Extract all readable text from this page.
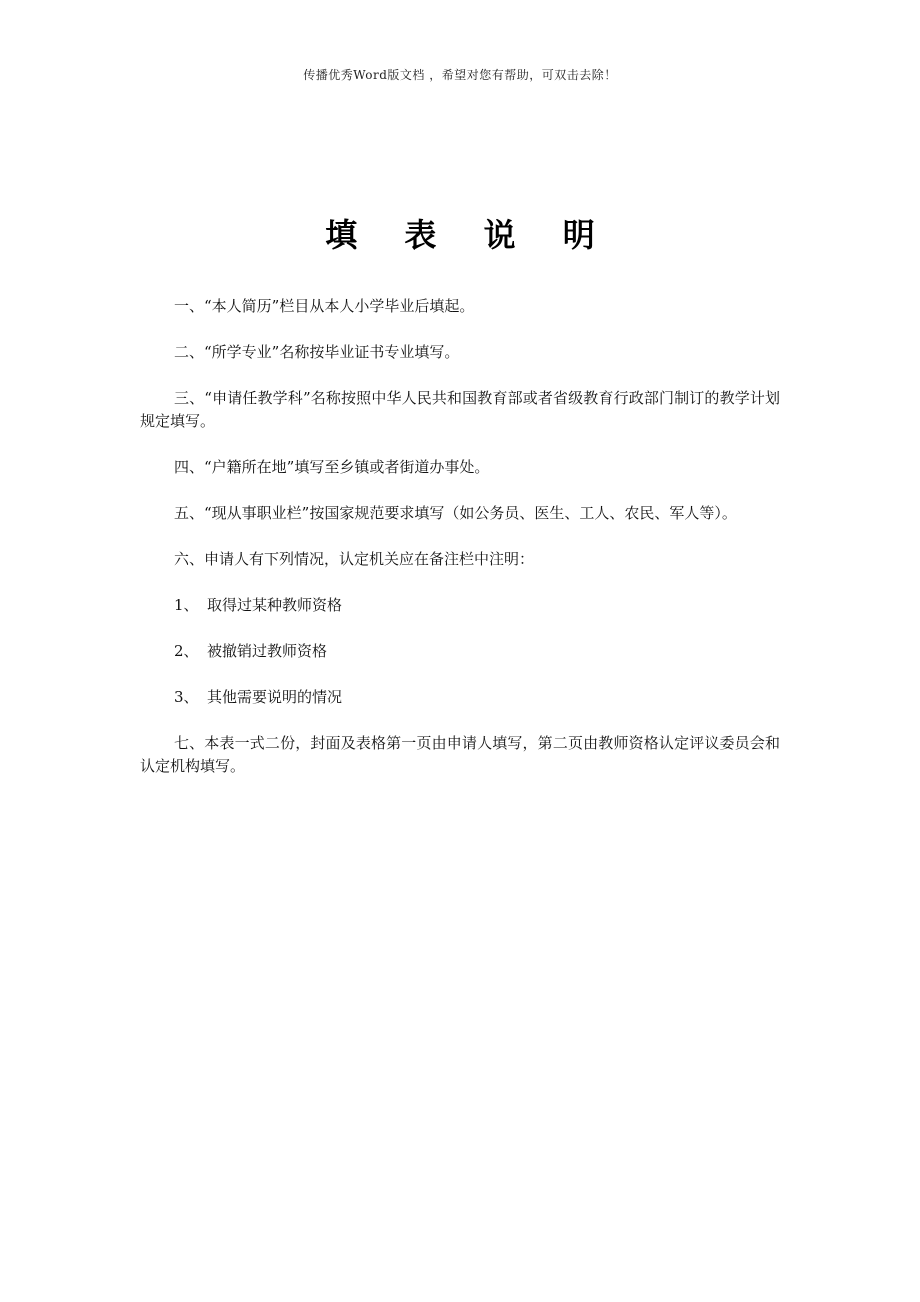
传播优秀Word版文档 ，希望对您有帮助，可双击去除！
填 表 说 明

一、“本人简历”栏目从本人小学毕业后填起。

二、“所学专业”名称按毕业证书专业填写。

三、“申请任教学科”名称按照中华人民共和国教育部或者省级教育行政部门制订的教学计划规定填写。

四、“户籍所在地”填写至乡镇或者街道办事处。

五、“现从事职业栏”按国家规范要求填写（如公务员、医生、工人、农民、军人等）。

六、申请人有下列情况，认定机关应在备注栏中注明：

1、 取得过某种教师资格
2、 被撤销过教师资格
3、 其他需要说明的情况

七、本表一式二份，封面及表格第一页由申请人填写，第二页由教师资格认定评议委员会和认定机构填写。
